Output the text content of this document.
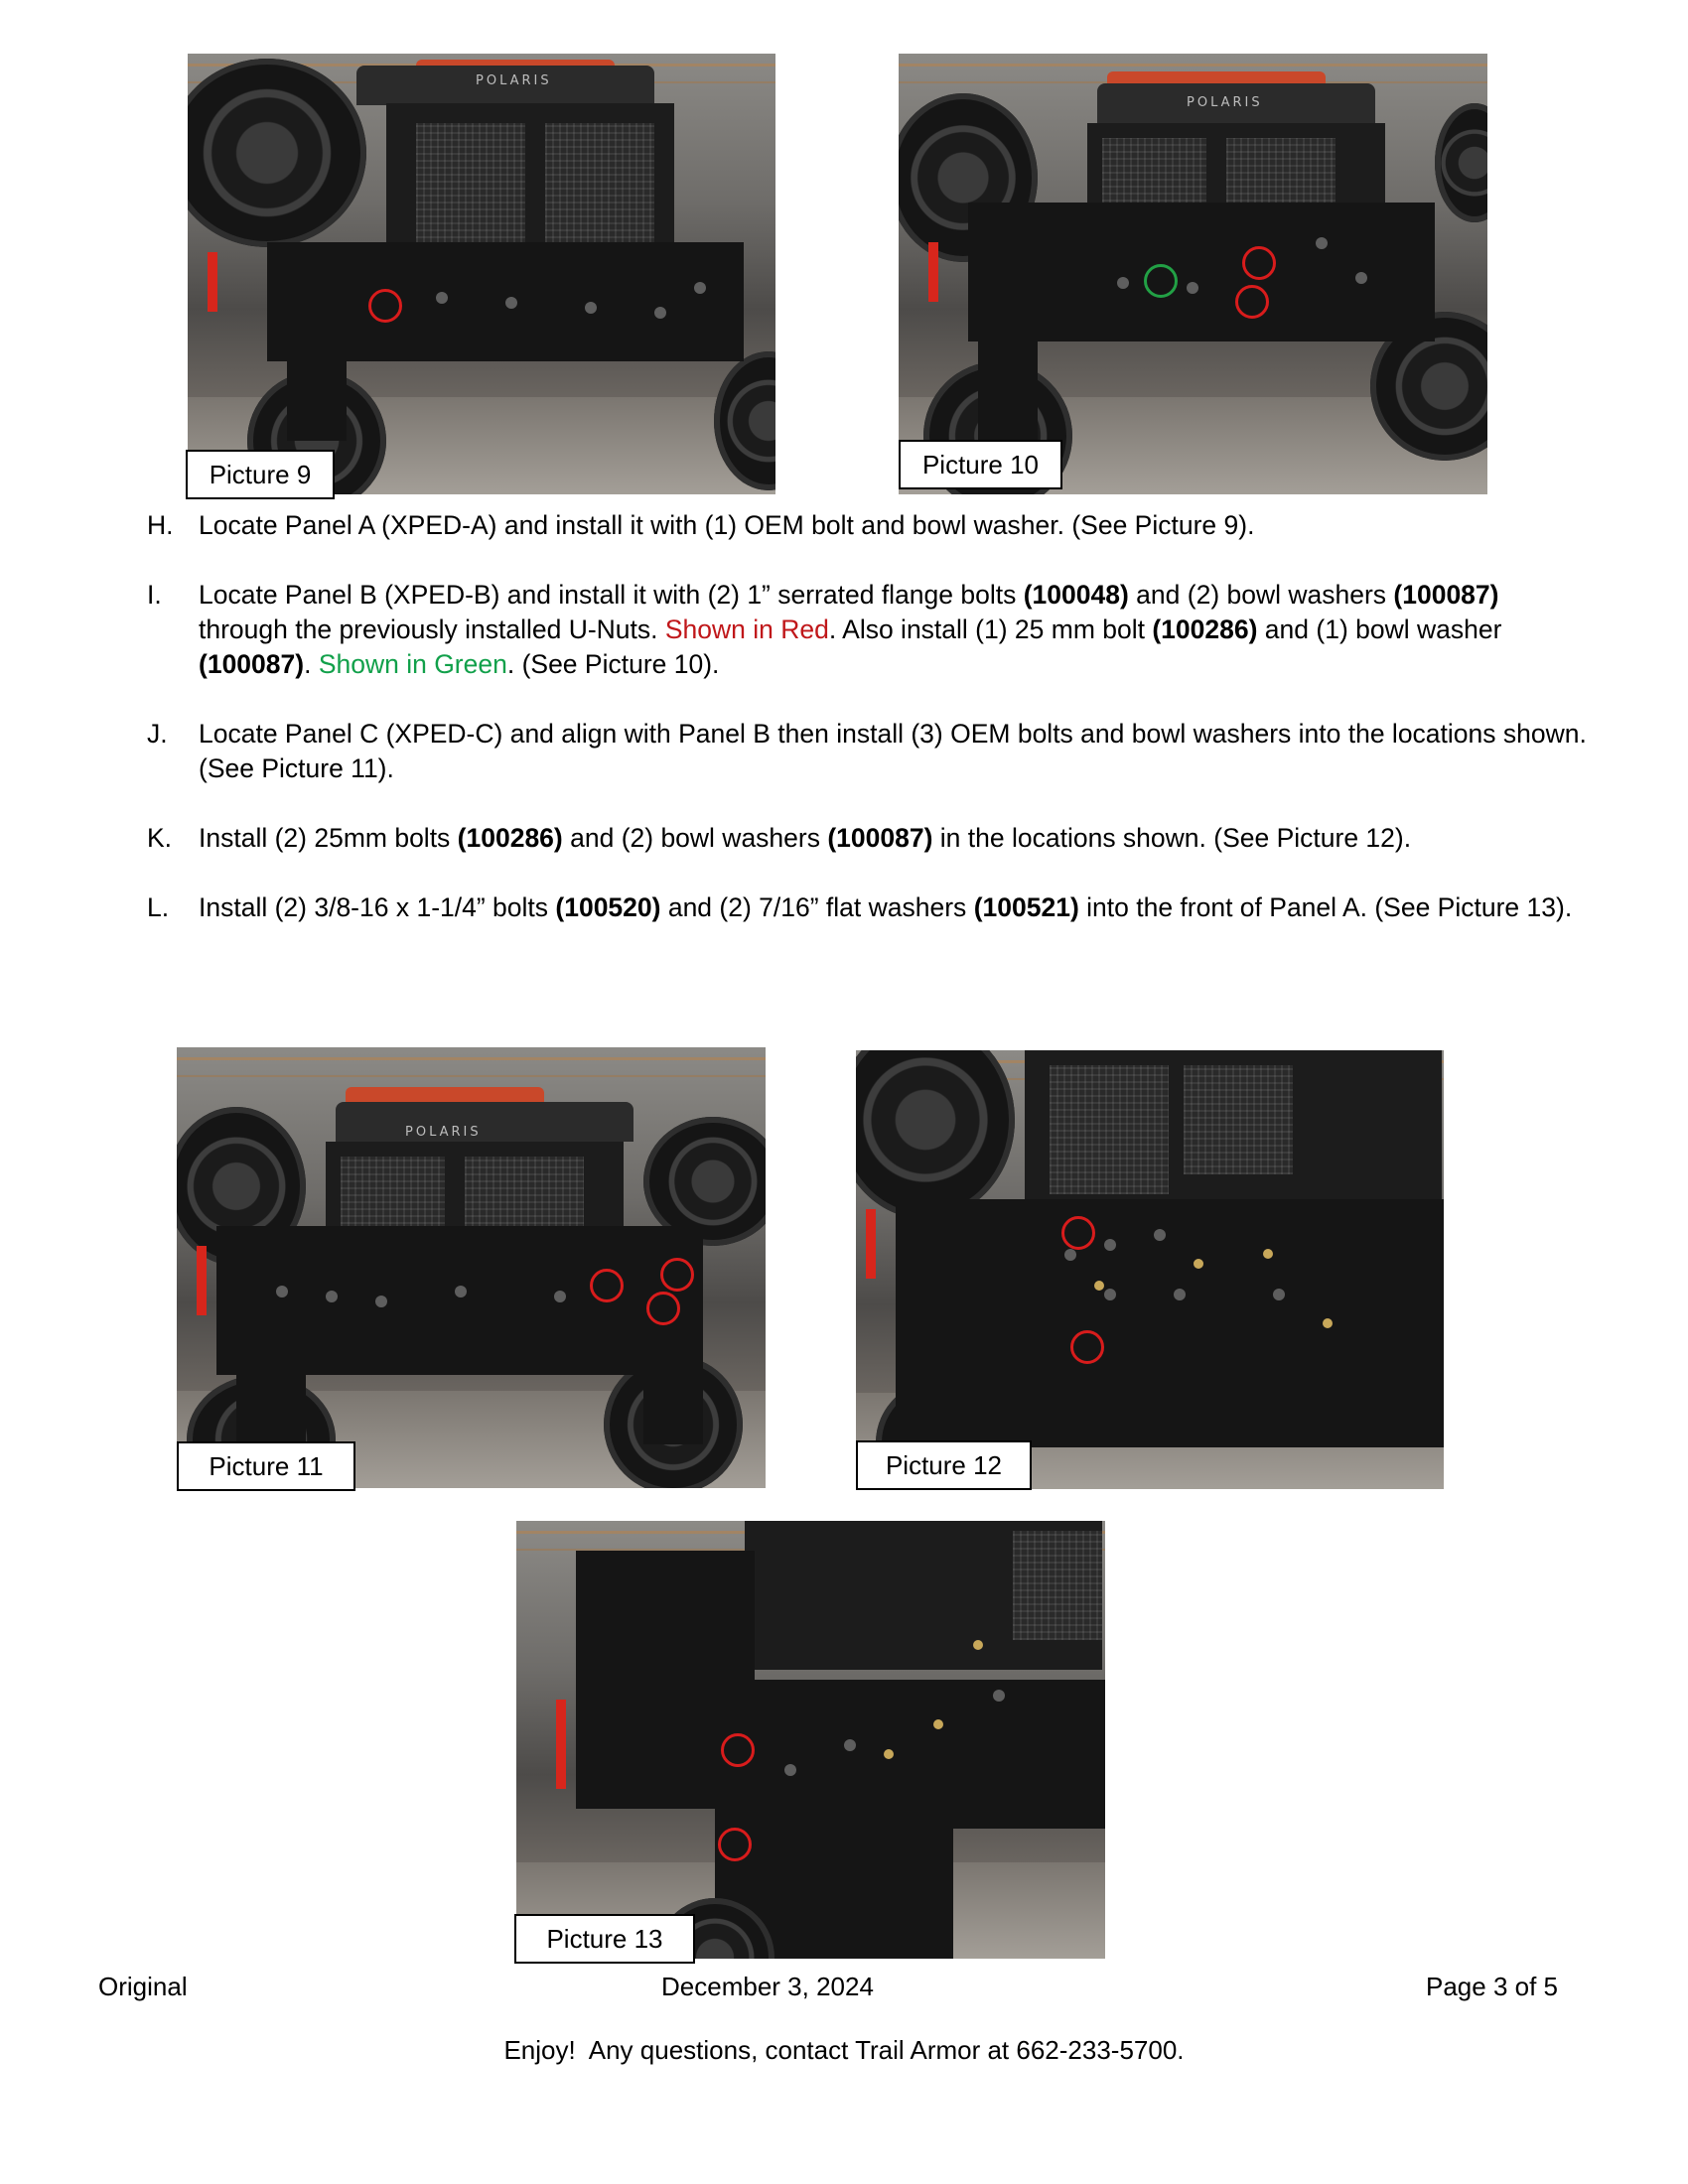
POLARIS
Picture 9
POLARIS
Picture 10
H. Locate Panel A (XPED-A) and install it with (1) OEM bolt and bowl washer. (See Picture 9).
I. Locate Panel B (XPED-B) and install it with (2) 1” serrated flange bolts (100048) and (2) bowl washers (100087) through the previously installed U-Nuts. Shown in Red. Also install (1) 25 mm bolt (100286) and (1) bowl washer (100087). Shown in Green. (See Picture 10).
J. Locate Panel C (XPED-C) and align with Panel B then install (3) OEM bolts and bowl washers into the locations shown. (See Picture 11).
K. Install (2) 25mm bolts (100286) and (2) bowl washers (100087) in the locations shown. (See Picture 12).
L. Install (2) 3/8-16 x 1-1/4” bolts (100520) and (2) 7/16” flat washers (100521) into the front of Panel A. (See Picture 13).
POLARIS
Picture 11	Picture 12
Picture 13
Original	December 3, 2024	Page 3 of 5
Enjoy!  Any questions, contact Trail Armor at 662-233-5700.
